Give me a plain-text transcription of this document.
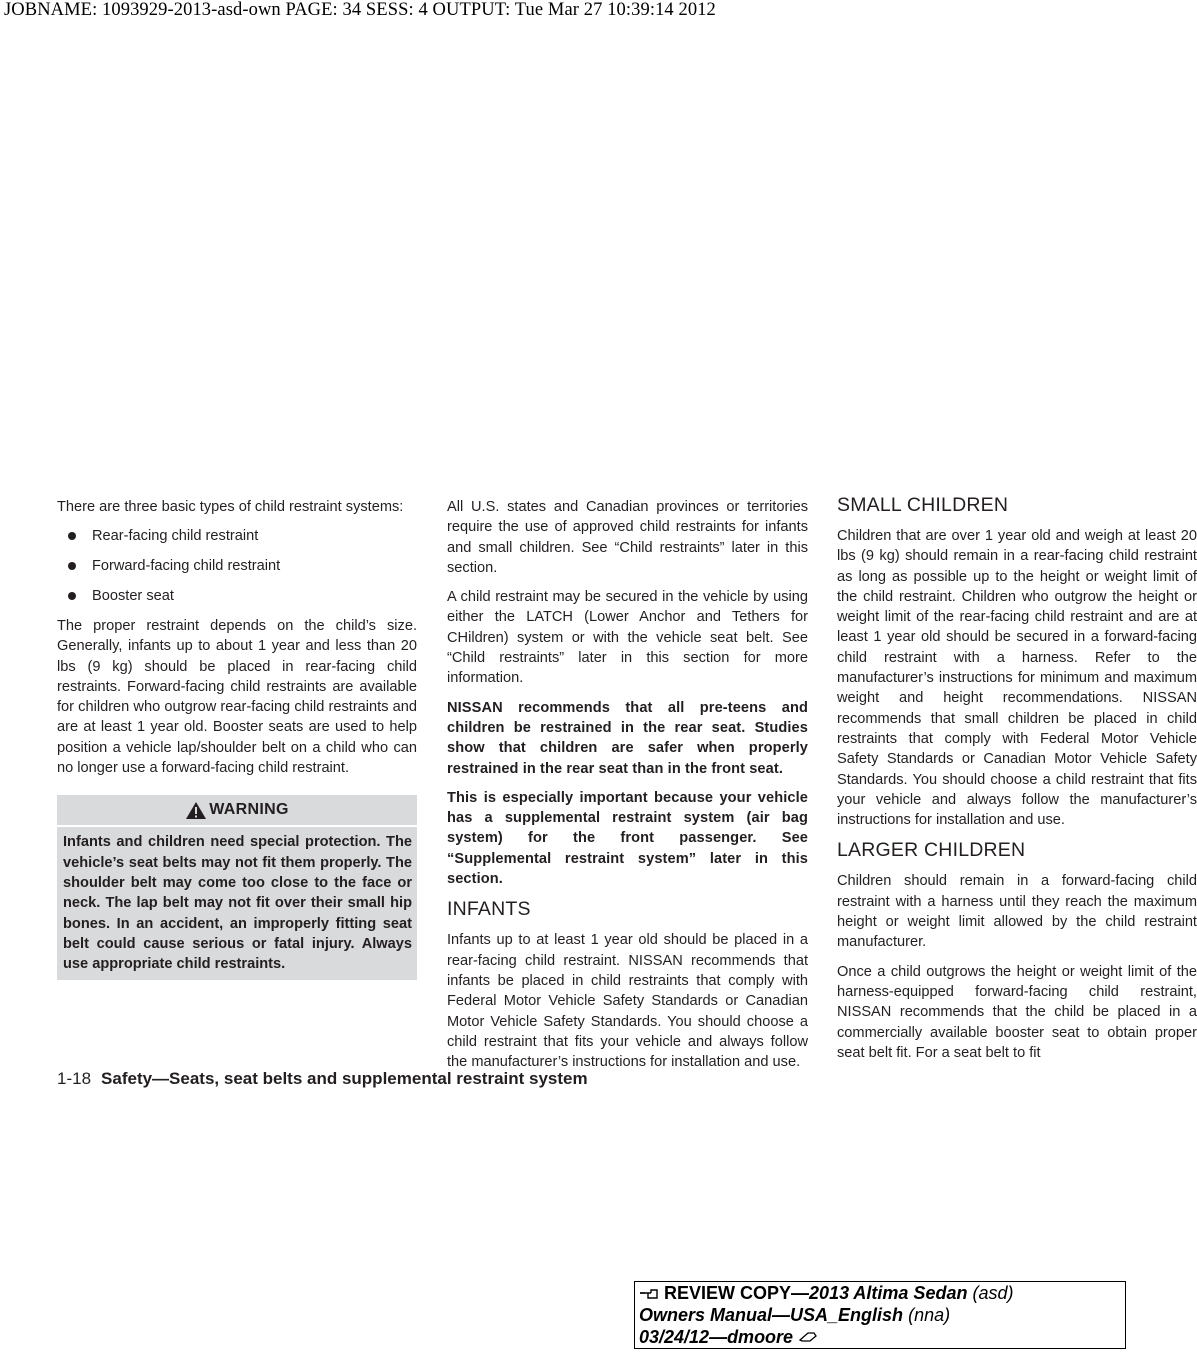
JOBNAME: 1093929-2013-asd-own PAGE: 34 SESS: 4 OUTPUT: Tue Mar 27 10:39:14 2012

There are three basic types of child restraint systems:

Rear-facing child restraint
Forward-facing child restraint
Booster seat

The proper restraint depends on the child’s size. Generally, infants up to about 1 year and less than 20 lbs (9 kg) should be placed in rear-facing child restraints. Forward-facing child restraints are available for children who outgrow rear-facing child restraints and are at least 1 year old. Booster seats are used to help position a vehicle lap/shoulder belt on a child who can no longer use a forward-facing child restraint.

WARNING
Infants and children need special protection. The vehicle’s seat belts may not fit them properly. The shoulder belt may come too close to the face or neck. The lap belt may not fit over their small hip bones. In an accident, an improperly fitting seat belt could cause serious or fatal injury. Always use appropriate child restraints.

All U.S. states and Canadian provinces or territories require the use of approved child restraints for infants and small children. See “Child restraints” later in this section.

A child restraint may be secured in the vehicle by using either the LATCH (Lower Anchor and Tethers for CHildren) system or with the vehicle seat belt. See “Child restraints” later in this section for more information.

NISSAN recommends that all pre-teens and children be restrained in the rear seat. Studies show that children are safer when properly restrained in the rear seat than in the front seat.

This is especially important because your vehicle has a supplemental restraint system (air bag system) for the front passenger. See “Supplemental restraint system” later in this section.

INFANTS

Infants up to at least 1 year old should be placed in a rear-facing child restraint. NISSAN recommends that infants be placed in child restraints that comply with Federal Motor Vehicle Safety Standards or Canadian Motor Vehicle Safety Standards. You should choose a child restraint that fits your vehicle and always follow the manufacturer’s instructions for installation and use.

SMALL CHILDREN

Children that are over 1 year old and weigh at least 20 lbs (9 kg) should remain in a rear-facing child restraint as long as possible up to the height or weight limit of the child restraint. Children who outgrow the height or weight limit of the rear-facing child restraint and are at least 1 year old should be secured in a forward-facing child restraint with a harness. Refer to the manufacturer’s instructions for minimum and maximum weight and height recommendations. NISSAN recommends that small children be placed in child restraints that comply with Federal Motor Vehicle Safety Standards or Canadian Motor Vehicle Safety Standards. You should choose a child restraint that fits your vehicle and always follow the manufacturer’s instructions for installation and use.

LARGER CHILDREN

Children should remain in a forward-facing child restraint with a harness until they reach the maximum height or weight limit allowed by the child restraint manufacturer.

Once a child outgrows the height or weight limit of the harness-equipped forward-facing child restraint, NISSAN recommends that the child be placed in a commercially available booster seat to obtain proper seat belt fit. For a seat belt to fit

1-18 Safety—Seats, seat belts and supplemental restraint system
REVIEW COPY—2013 Altima Sedan (asd)
Owners Manual—USA_English (nna)
03/24/12—dmoore
